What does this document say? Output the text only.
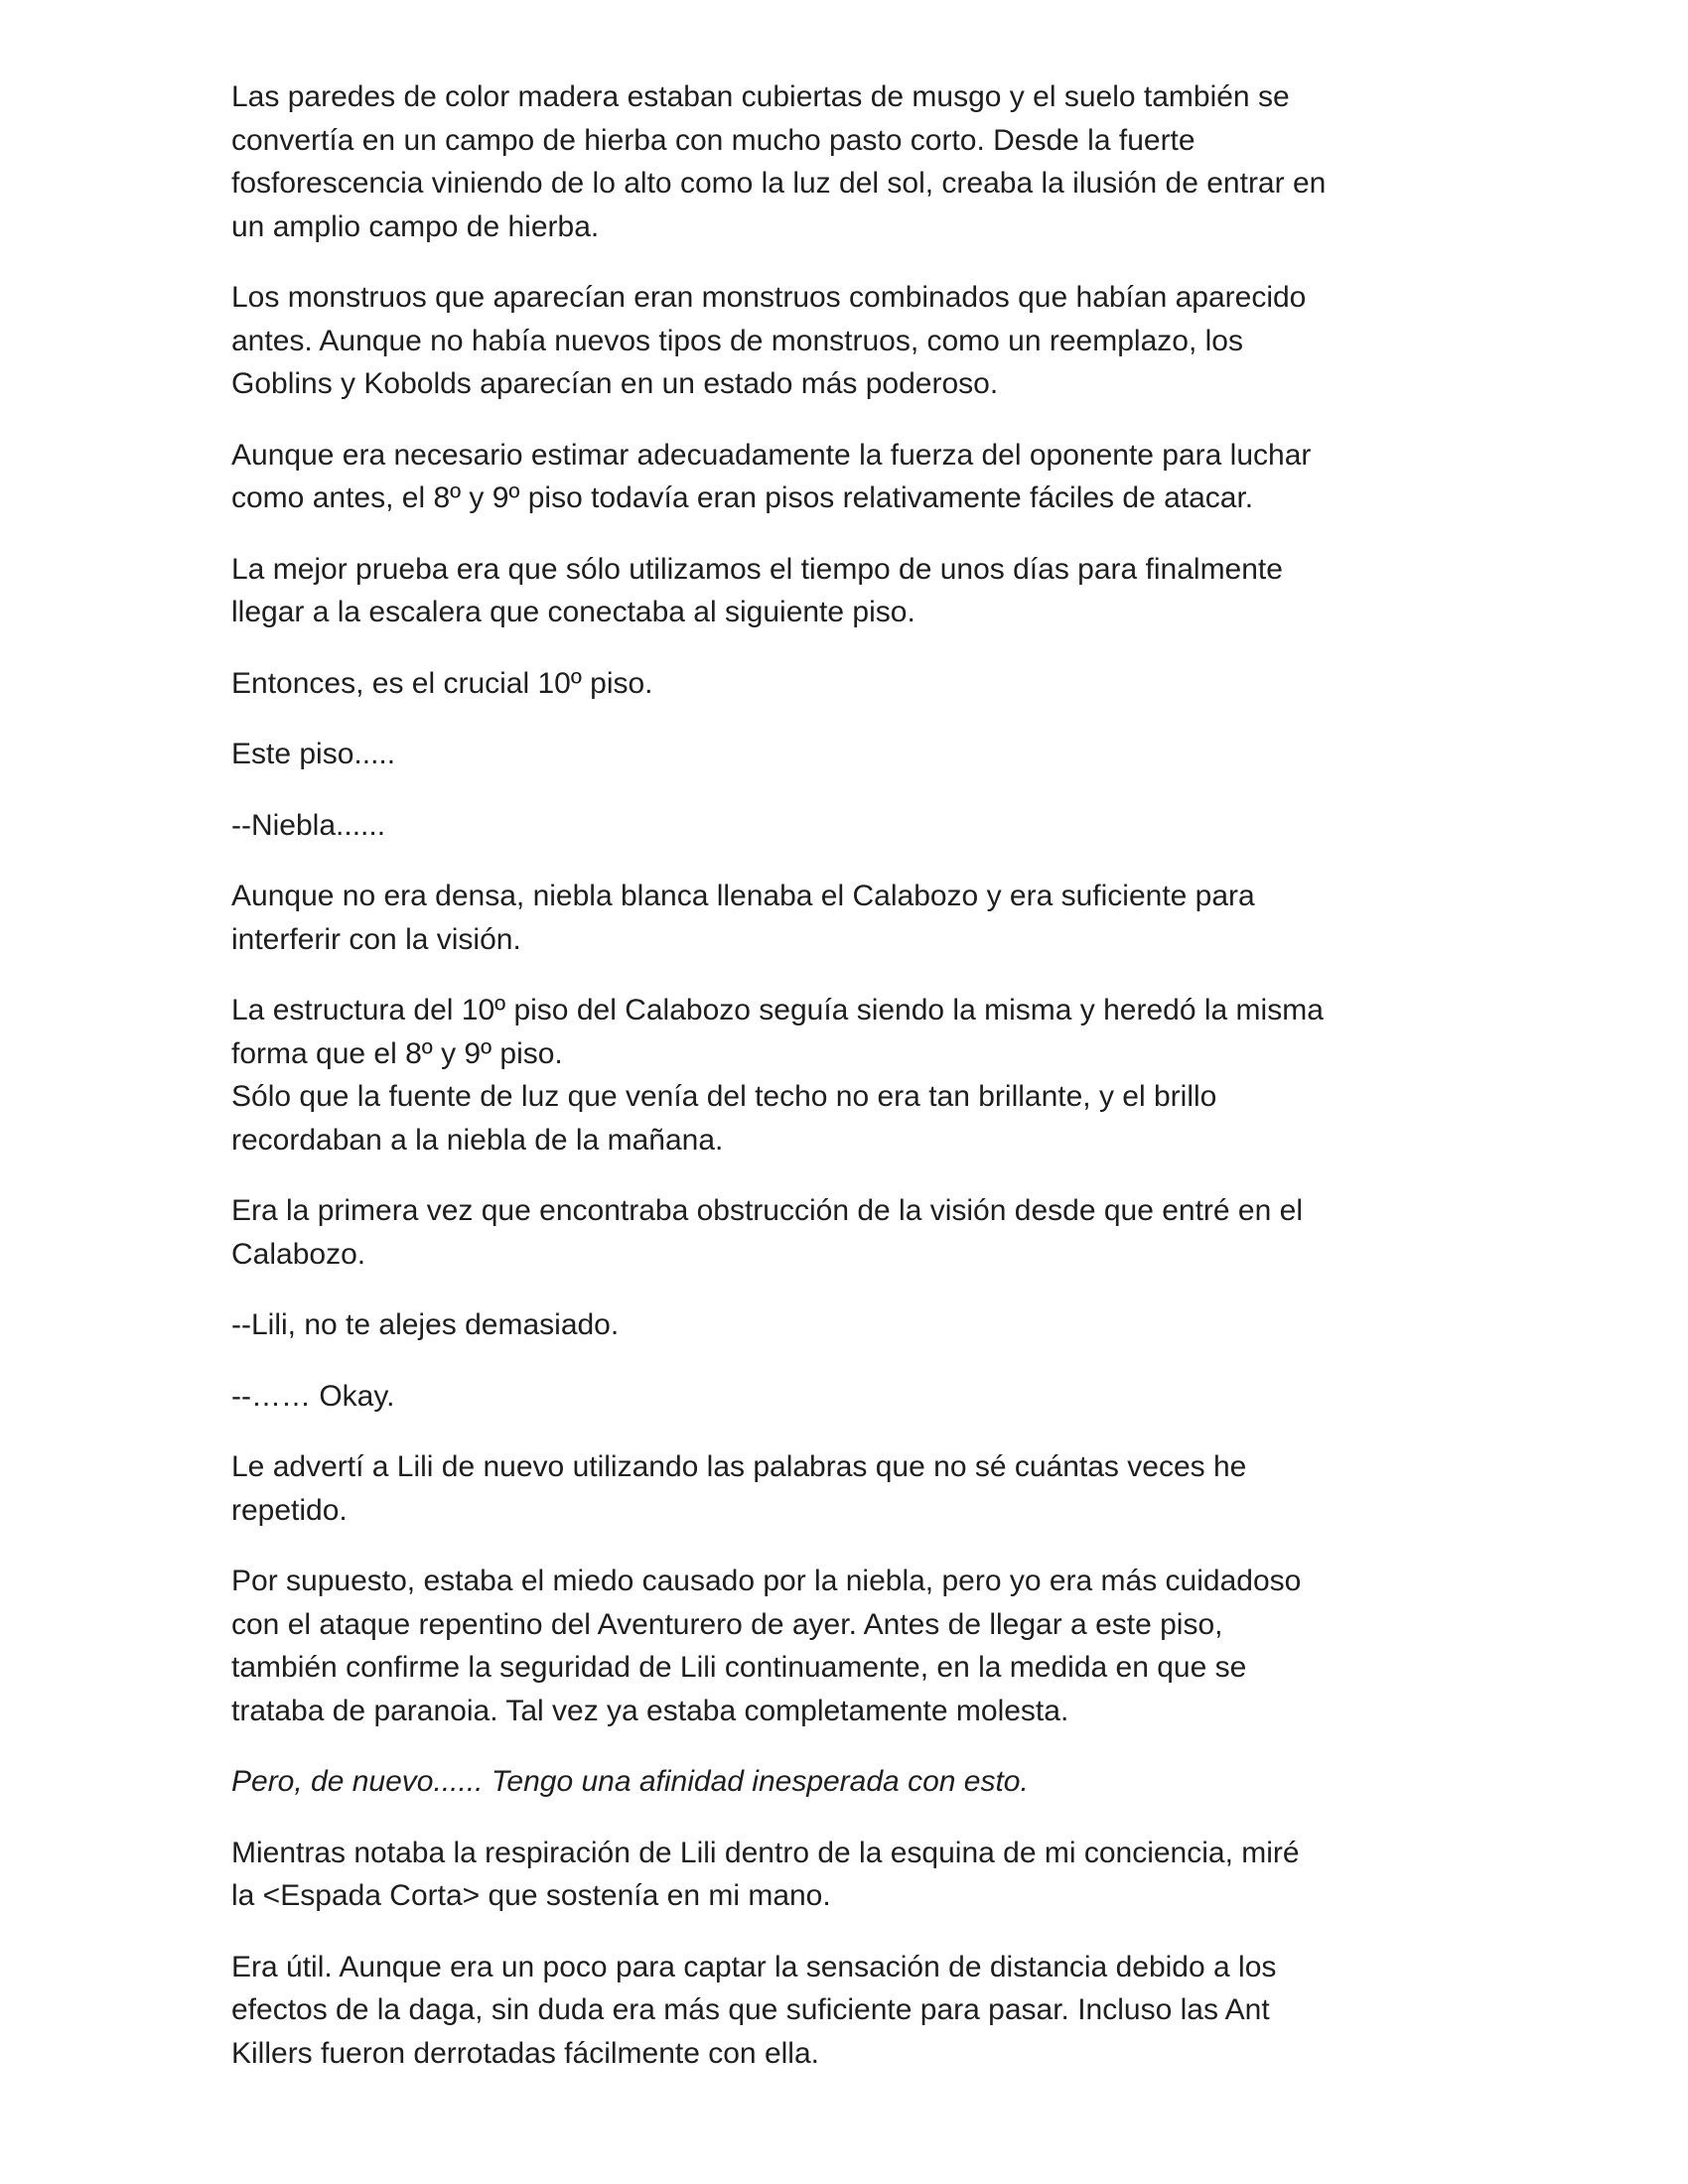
Las paredes de color madera estaban cubiertas de musgo y el suelo también se
convertía en un campo de hierba con mucho pasto corto. Desde la fuerte
fosforescencia viniendo de lo alto como la luz del sol, creaba la ilusión de entrar en
un amplio campo de hierba.

Los monstruos que aparecían eran monstruos combinados que habían aparecido
antes. Aunque no había nuevos tipos de monstruos, como un reemplazo, los
Goblins y Kobolds aparecían en un estado más poderoso.

Aunque era necesario estimar adecuadamente la fuerza del oponente para luchar
como antes, el 8º y 9º piso todavía eran pisos relativamente fáciles de atacar.

La mejor prueba era que sólo utilizamos el tiempo de unos días para finalmente
llegar a la escalera que conectaba al siguiente piso.

Entonces, es el crucial 10º piso.

Este piso.....

--Niebla......

Aunque no era densa, niebla blanca llenaba el Calabozo y era suficiente para
interferir con la visión.

La estructura del 10º piso del Calabozo seguía siendo la misma y heredó la misma
forma que el 8º y 9º piso.
Sólo que la fuente de luz que venía del techo no era tan brillante, y el brillo
recordaban a la niebla de la mañana.

Era la primera vez que encontraba obstrucción de la visión desde que entré en el
Calabozo.

--Lili, no te alejes demasiado.

--…… Okay.

Le advertí a Lili de nuevo utilizando las palabras que no sé cuántas veces he
repetido.

Por supuesto, estaba el miedo causado por la niebla, pero yo era más cuidadoso
con el ataque repentino del Aventurero de ayer. Antes de llegar a este piso,
también confirme la seguridad de Lili continuamente, en la medida en que se
trataba de paranoia. Tal vez ya estaba completamente molesta.

Pero, de nuevo...... Tengo una afinidad inesperada con esto.

Mientras notaba la respiración de Lili dentro de la esquina de mi conciencia, miré
la <Espada Corta> que sostenía en mi mano.

Era útil. Aunque era un poco para captar la sensación de distancia debido a los
efectos de la daga, sin duda era más que suficiente para pasar. Incluso las Ant
Killers fueron derrotadas fácilmente con ella.
